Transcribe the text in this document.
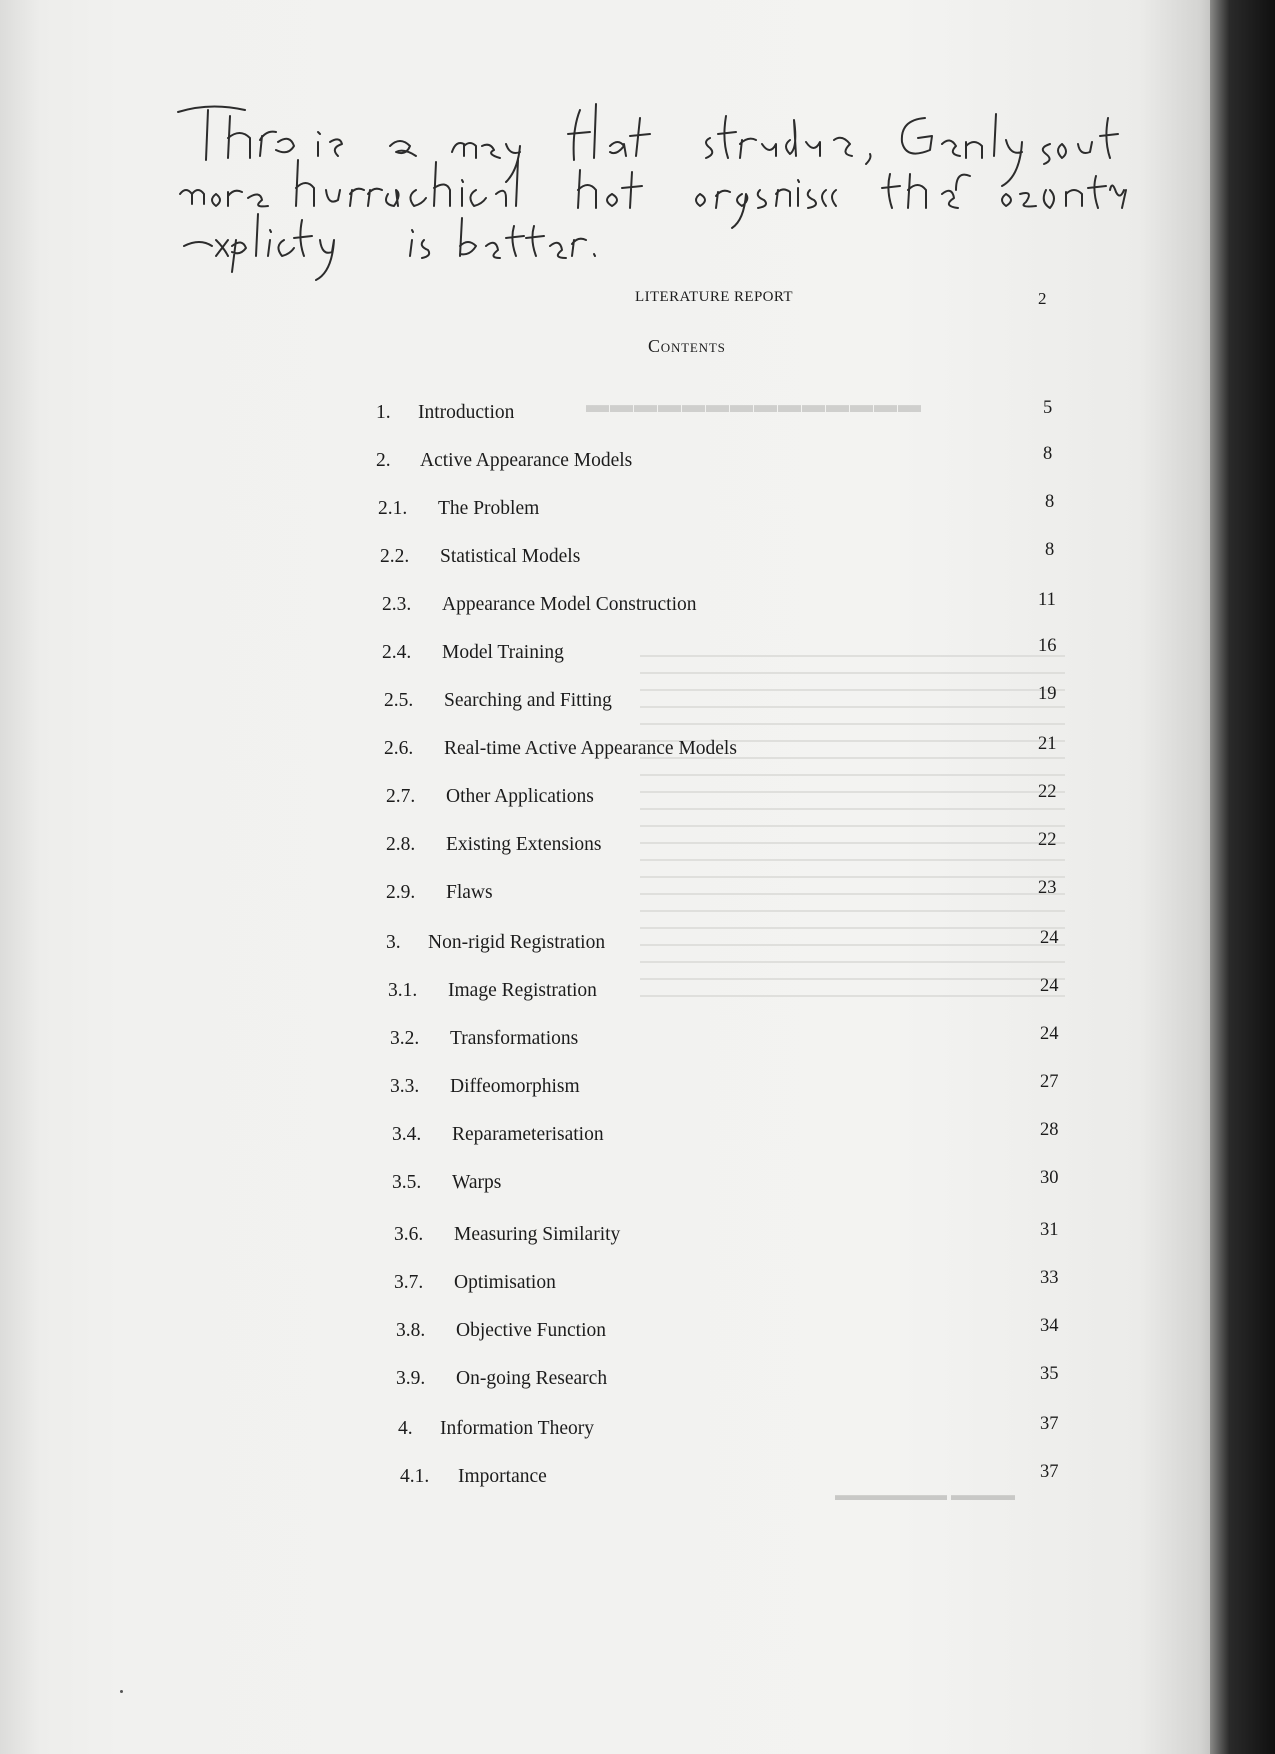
▬▬▬▬▬▬▬▬▬▬▬▬▬▬
LITERATURE REPORT	2
Contents
1. Introduction	5
2. Active Appearance Models	8
2.1. The Problem	8
2.2. Statistical Models	8
2.3. Appearance Model Construction	11
2.4. Model Training	16
2.5. Searching and Fitting	19
2.6. Real-time Active Appearance Models	21
2.7. Other Applications	22
2.8. Existing Extensions	22
2.9. Flaws	23
3. Non-rigid Registration	24
3.1. Image Registration	24
3.2. Transformations	24
3.3. Diffeomorphism	27
3.4. Reparameterisation	28
3.5. Warps	30
3.6. Measuring Similarity	31
3.7. Optimisation	33
3.8. Objective Function	34
3.9. On-going Research	35
4. Information Theory	37
4.1. Importance	37
▬▬▬▬ ▬▬▬▬▬▬▬
